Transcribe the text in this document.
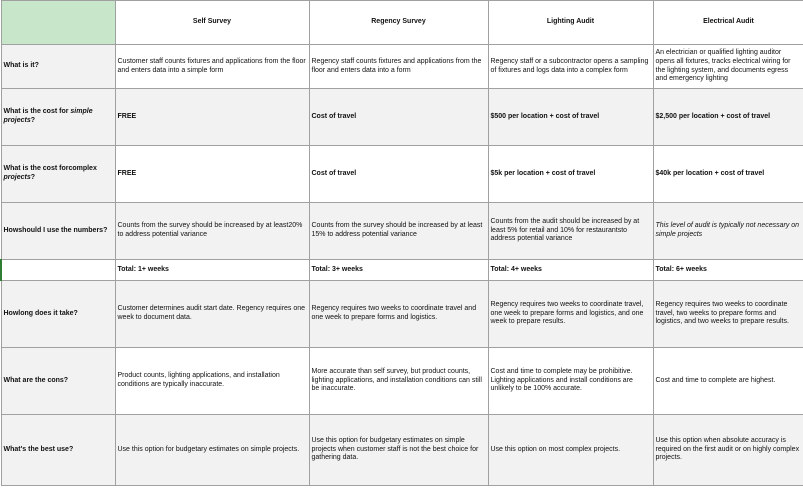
	Self Survey	Regency Survey	Lighting Audit	Electrical Audit
What is it?	Customer staff counts fixtures and applications from the floor and enters data into a simple form	Regency staff counts fixtures and applications from the floor and enters data into a form	Regency staff or a subcontractor opens a sampling of fixtures and logs data into a complex form	An electrician or qualified lighting auditor opens all fixtures, tracks electrical wiring for the lighting system, and documents egress and emergency lighting
What is the cost for simple projects?	FREE	Cost of travel	$500 per location + cost of travel	$2,500 per location + cost of travel
What is the cost forcomplex projects?	FREE	Cost of travel	$5k per location + cost of travel	$40k per location + cost of travel
Howshould I use the numbers?	Counts from the survey should be increased by at least20% to address potential variance	Counts from the survey should be increased by at least 15% to address potential variance	Counts from the audit should be increased by at least 5% for retail and 10% for restaurantsto address potential variance	This level of audit is typically not necessary on simple projects
	Total: 1+ weeks	Total: 3+ weeks	Total: 4+ weeks	Total: 6+ weeks
Howlong does it take?	Customer determines audit start date. Regency requires one week to document data.	Regency requires two weeks to coordinate travel and one week to prepare forms and logistics.	Regency requires two weeks to coordinate travel, one week to prepare forms and logistics, and one week to prepare results.	Regency requires two weeks to coordinate travel, two weeks to prepare forms and logistics, and two weeks to prepare results.
What are the cons?	Product counts, lighting applications, and installation conditions are typically inaccurate.	More accurate than self survey, but product counts, lighting applications, and installation conditions can still be inaccurate.	Cost and time to complete may be prohibitive. Lighting applications and install conditions are unlikely to be 100% accurate.	Cost and time to complete are highest.
What's the best use?	Use this option for budgetary estimates on simple projects.	Use this option for budgetary estimates on simple projects when customer staff is not the best choice for gathering data.	Use this option on most complex projects.	Use this option when absolute accuracy is required on the first audit or on highly complex projects.
